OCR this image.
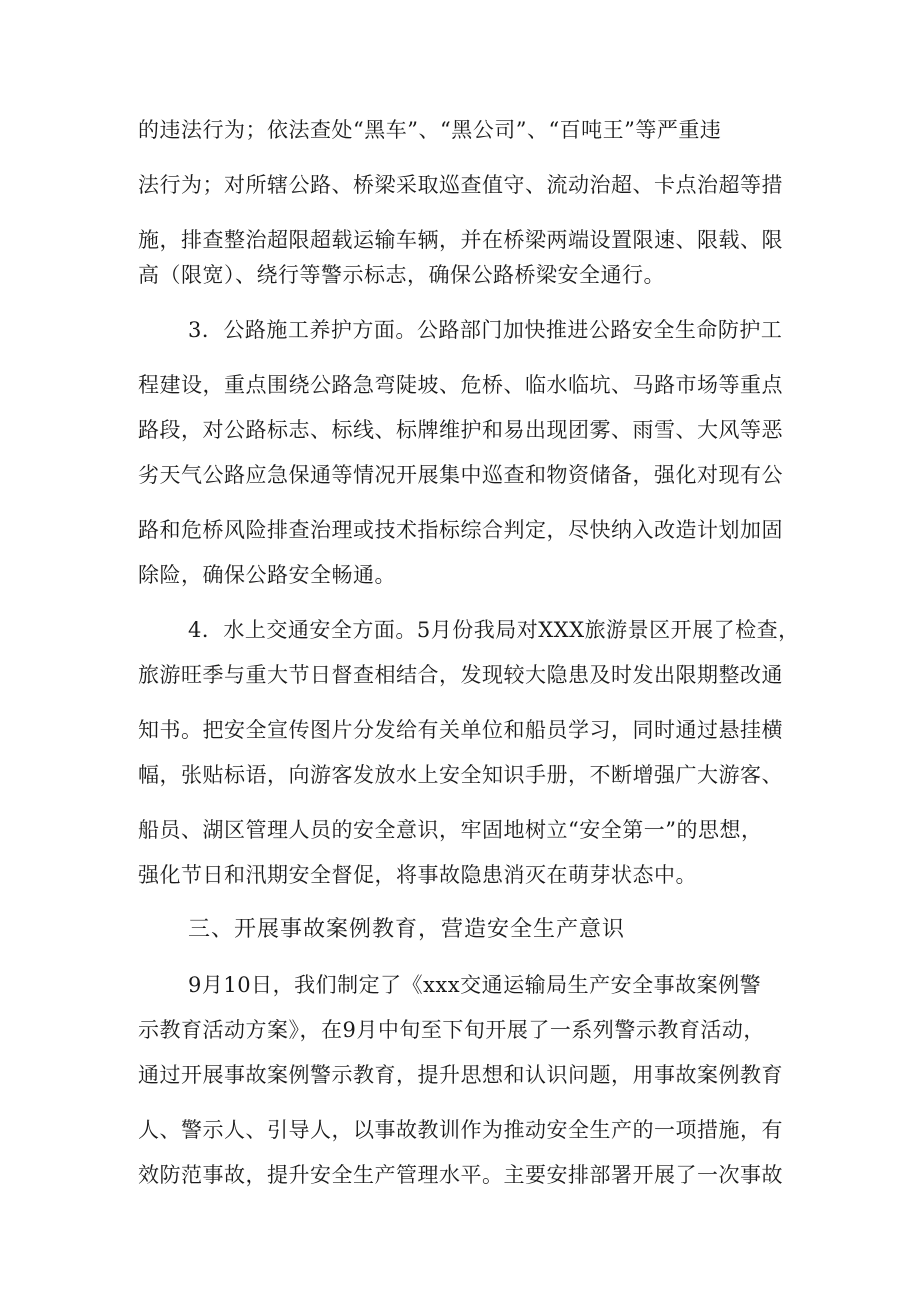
的违法行为；依法查处“黑车”、“黑公司”、“百吨王”等严重违
法行为；对所辖公路、桥梁采取巡查值守、流动治超、卡点治超等措
施，排查整治超限超载运输车辆，并在桥梁两端设置限速、限载、限
高（限宽）、绕行等警示标志，确保公路桥梁安全通行。
3．公路施工养护方面。公路部门加快推进公路安全生命防护工
程建设，重点围绕公路急弯陡坡、危桥、临水临坑、马路市场等重点
路段，对公路标志、标线、标牌维护和易出现团雾、雨雪、大风等恶
劣天气公路应急保通等情况开展集中巡查和物资储备，强化对现有公
路和危桥风险排查治理或技术指标综合判定，尽快纳入改造计划加固
除险，确保公路安全畅通。
4．水上交通安全方面。5月份我局对XXX旅游景区开展了检查，
旅游旺季与重大节日督查相结合，发现较大隐患及时发出限期整改通
知书。把安全宣传图片分发给有关单位和船员学习，同时通过悬挂横
幅，张贴标语，向游客发放水上安全知识手册，不断增强广大游客、
船员、湖区管理人员的安全意识，牢固地树立“安全第一”的思想，
强化节日和汛期安全督促，将事故隐患消灭在萌芽状态中。
三、开展事故案例教育，营造安全生产意识
9月10日，我们制定了《xxx交通运输局生产安全事故案例警
示教育活动方案》，在9月中旬至下旬开展了一系列警示教育活动，
通过开展事故案例警示教育，提升思想和认识问题，用事故案例教育
人、警示人、引导人，以事故教训作为推动安全生产的一项措施，有
效防范事故，提升安全生产管理水平。主要安排部署开展了一次事故
